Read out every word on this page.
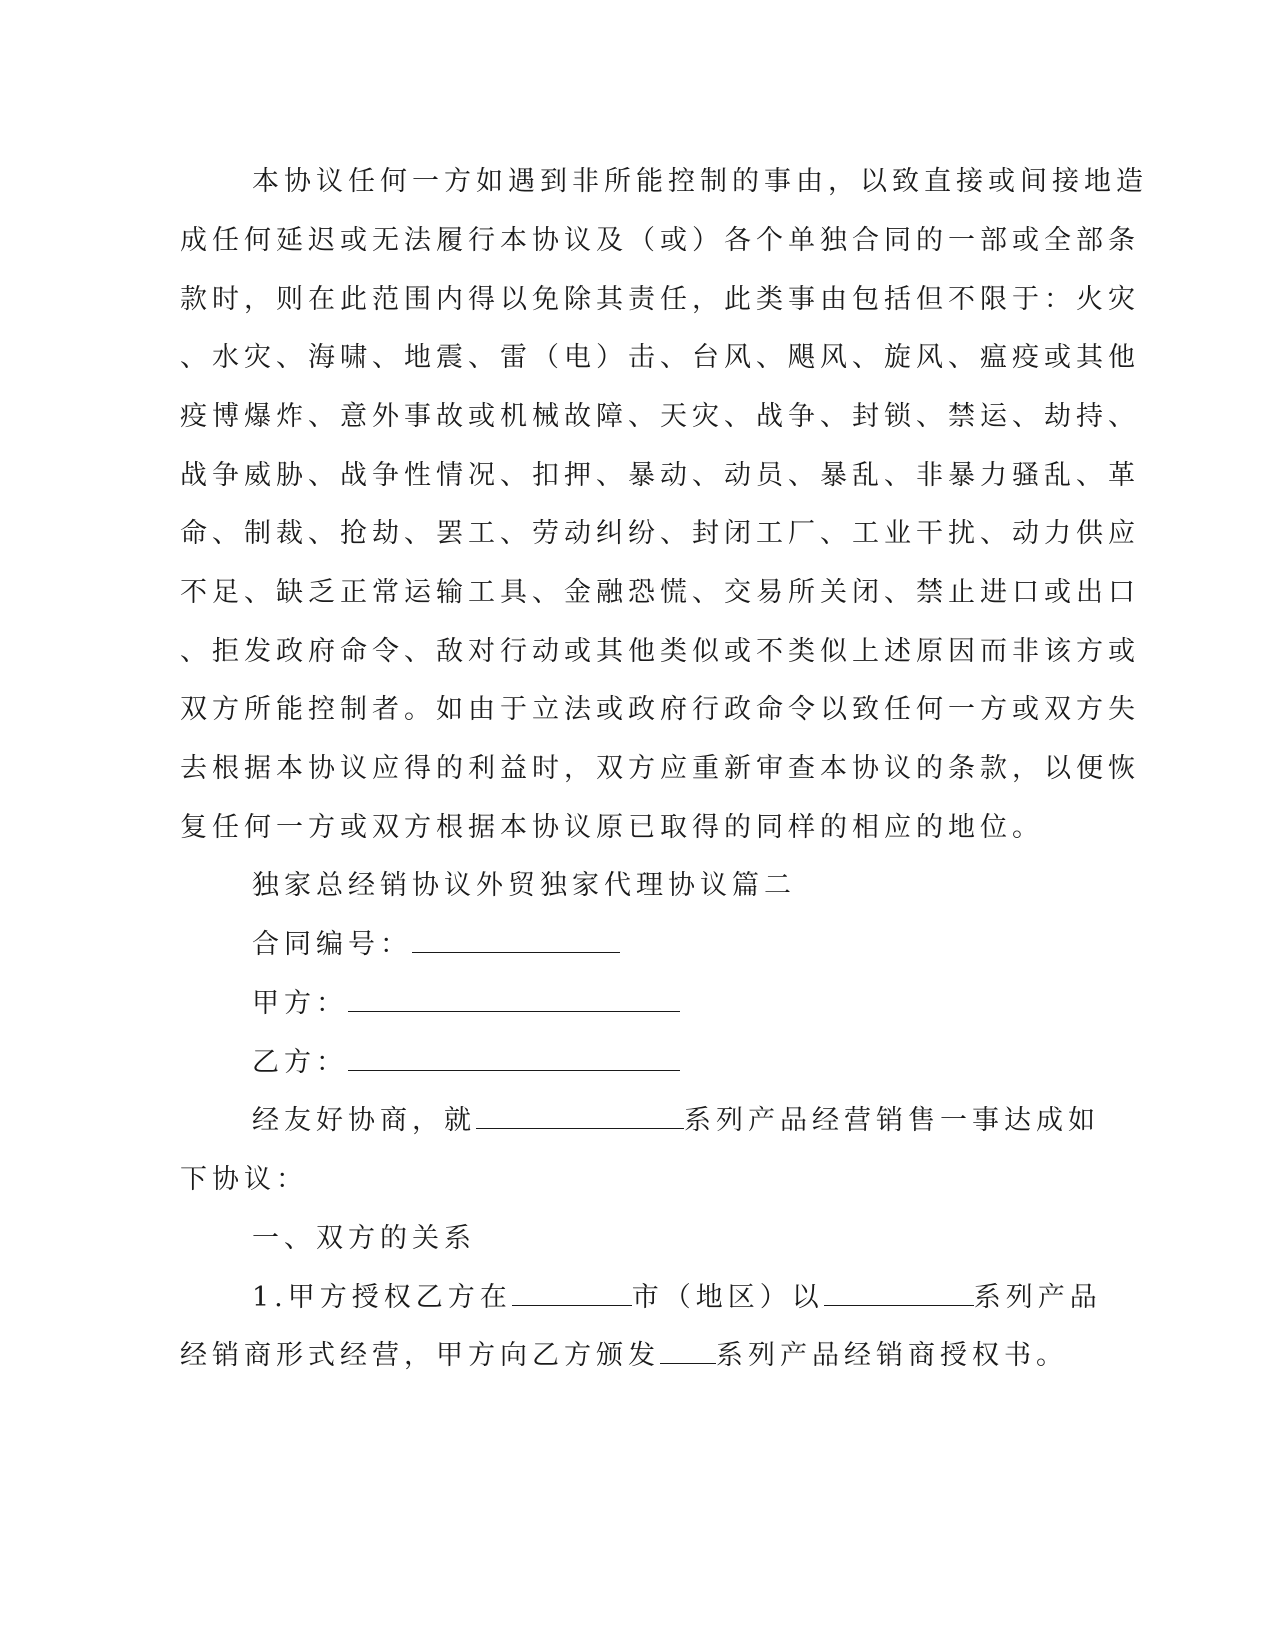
本协议任何一方如遇到非所能控制的事由，以致直接或间接地造
成任何延迟或无法履行本协议及（或）各个单独合同的一部或全部条
款时，则在此范围内得以免除其责任，此类事由包括但不限于：火灾
、水灾、海啸、地震、雷（电）击、台风、飓风、旋风、瘟疫或其他
疫博爆炸、意外事故或机械故障、天灾、战争、封锁、禁运、劫持、
战争威胁、战争性情况、扣押、暴动、动员、暴乱、非暴力骚乱、革
命、制裁、抢劫、罢工、劳动纠纷、封闭工厂、工业干扰、动力供应
不足、缺乏正常运输工具、金融恐慌、交易所关闭、禁止进口或出口
、拒发政府命令、敌对行动或其他类似或不类似上述原因而非该方或
双方所能控制者。如由于立法或政府行政命令以致任何一方或双方失
去根据本协议应得的利益时，双方应重新审查本协议的条款，以便恢
复任何一方或双方根据本协议原已取得的同样的相应的地位。
独家总经销协议外贸独家代理协议篇二
合同编号：
甲方：
乙方：
经友好协商，就	系列产品经营销售一事达成如
下协议：
一、双方的关系
1.甲方授权乙方在	市（地区）以	系列产品
经销商形式经营，甲方向乙方颁发 系列产品经销商授权书。
